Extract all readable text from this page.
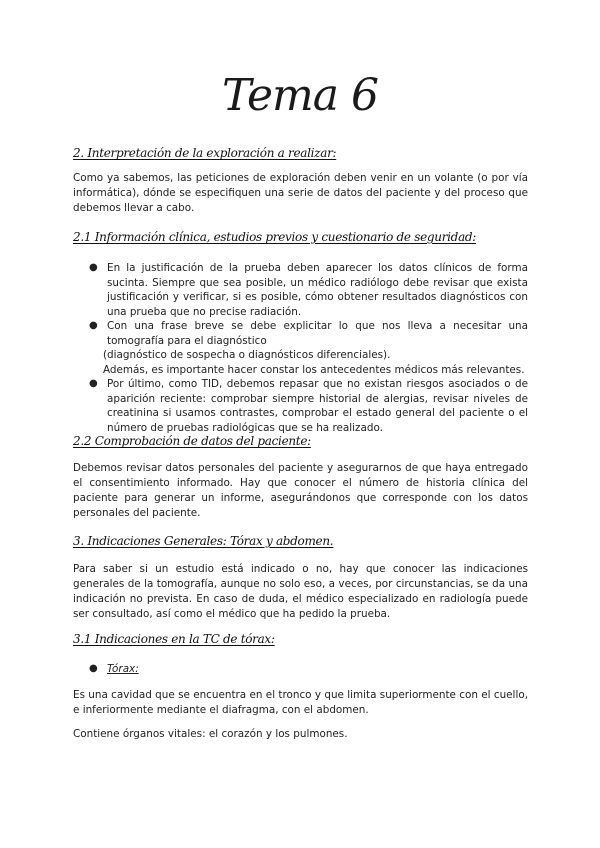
Tema 6
2. Interpretación de la exploración a realizar:

Como ya sabemos, las peticiones de exploración deben venir en un volante (o por vía informática), dónde se especifiquen una serie de datos del paciente y del proceso que debemos llevar a cabo.

2.1 Información clínica, estudios previos y cuestionario de seguridad:
● En la justificación de la prueba deben aparecer los datos clínicos de forma sucinta. Siempre que sea posible, un médico radiólogo debe revisar que exista justificación y verificar, si es posible, cómo obtener resultados diagnósticos con una prueba que no precise radiación.
● Con una frase breve se debe explicitar lo que nos lleva a necesitar una tomografía para el diagnóstico
(diagnóstico de sospecha o diagnósticos diferenciales).
Además, es importante hacer constar los antecedentes médicos más relevantes.
● Por último, como TID, debemos repasar que no existan riesgos asociados o de aparición reciente: comprobar siempre historial de alergias, revisar niveles de creatinina si usamos contrastes, comprobar el estado general del paciente o el número de pruebas radiológicas que se ha realizado.
2.2 Comprobación de datos del paciente:

Debemos revisar datos personales del paciente y asegurarnos de que haya entregado el consentimiento informado. Hay que conocer el número de historia clínica del paciente para generar un informe, asegurándonos que corresponde con los datos personales del paciente.

3. Indicaciones Generales: Tórax y abdomen.

Para saber si un estudio está indicado o no, hay que conocer las indicaciones generales de la tomografía, aunque no solo eso, a veces, por circunstancias, se da una indicación no prevista. En caso de duda, el médico especializado en radiología puede ser consultado, así como el médico que ha pedido la prueba.

3.1 Indicaciones en la TC de tórax:
● Tórax:

Es una cavidad que se encuentra en el tronco y que limita superiormente con el cuello, e inferiormente mediante el diafragma, con el abdomen.

Contiene órganos vitales: el corazón y los pulmones.
